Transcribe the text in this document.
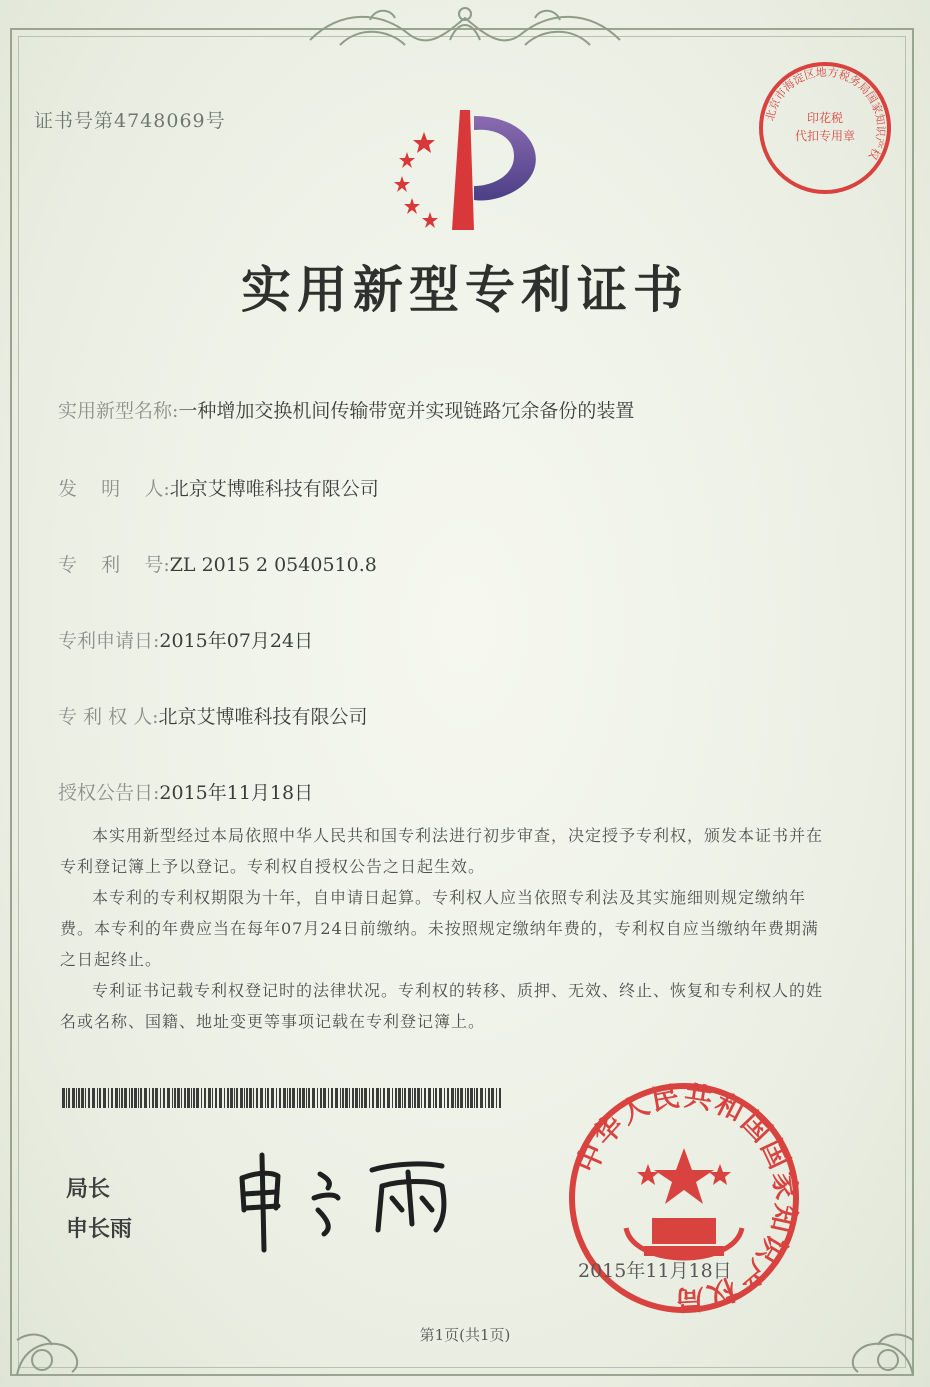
证书号第4748069号
实用新型专利证书
实用新型名称:一种增加交换机间传输带宽并实现链路冗余备份的装置
发    明    人:北京艾博唯科技有限公司
专    利    号:ZL 2015 2 0540510.8
专利申请日:2015年07月24日
专 利 权 人:北京艾博唯科技有限公司
授权公告日:2015年11月18日

本实用新型经过本局依照中华人民共和国专利法进行初步审查，决定授予专利权，颁发本证书并在专利登记簿上予以登记。专利权自授权公告之日起生效。

本专利的专利权期限为十年，自申请日起算。专利权人应当依照专利法及其实施细则规定缴纳年费。本专利的年费应当在每年07月24日前缴纳。未按照规定缴纳年费的，专利权自应当缴纳年费期满之日起终止。

专利证书记载专利权登记时的法律状况。专利权的转移、质押、无效、终止、恢复和专利权人的姓名或名称、国籍、地址变更等事项记载在专利登记簿上。

局长
申长雨
北京市海淀区地方税务局国家知识产权
印花税
代扣专用章
中华人民共和国国家知识产权局
2015年11月18日
第1页(共1页)
